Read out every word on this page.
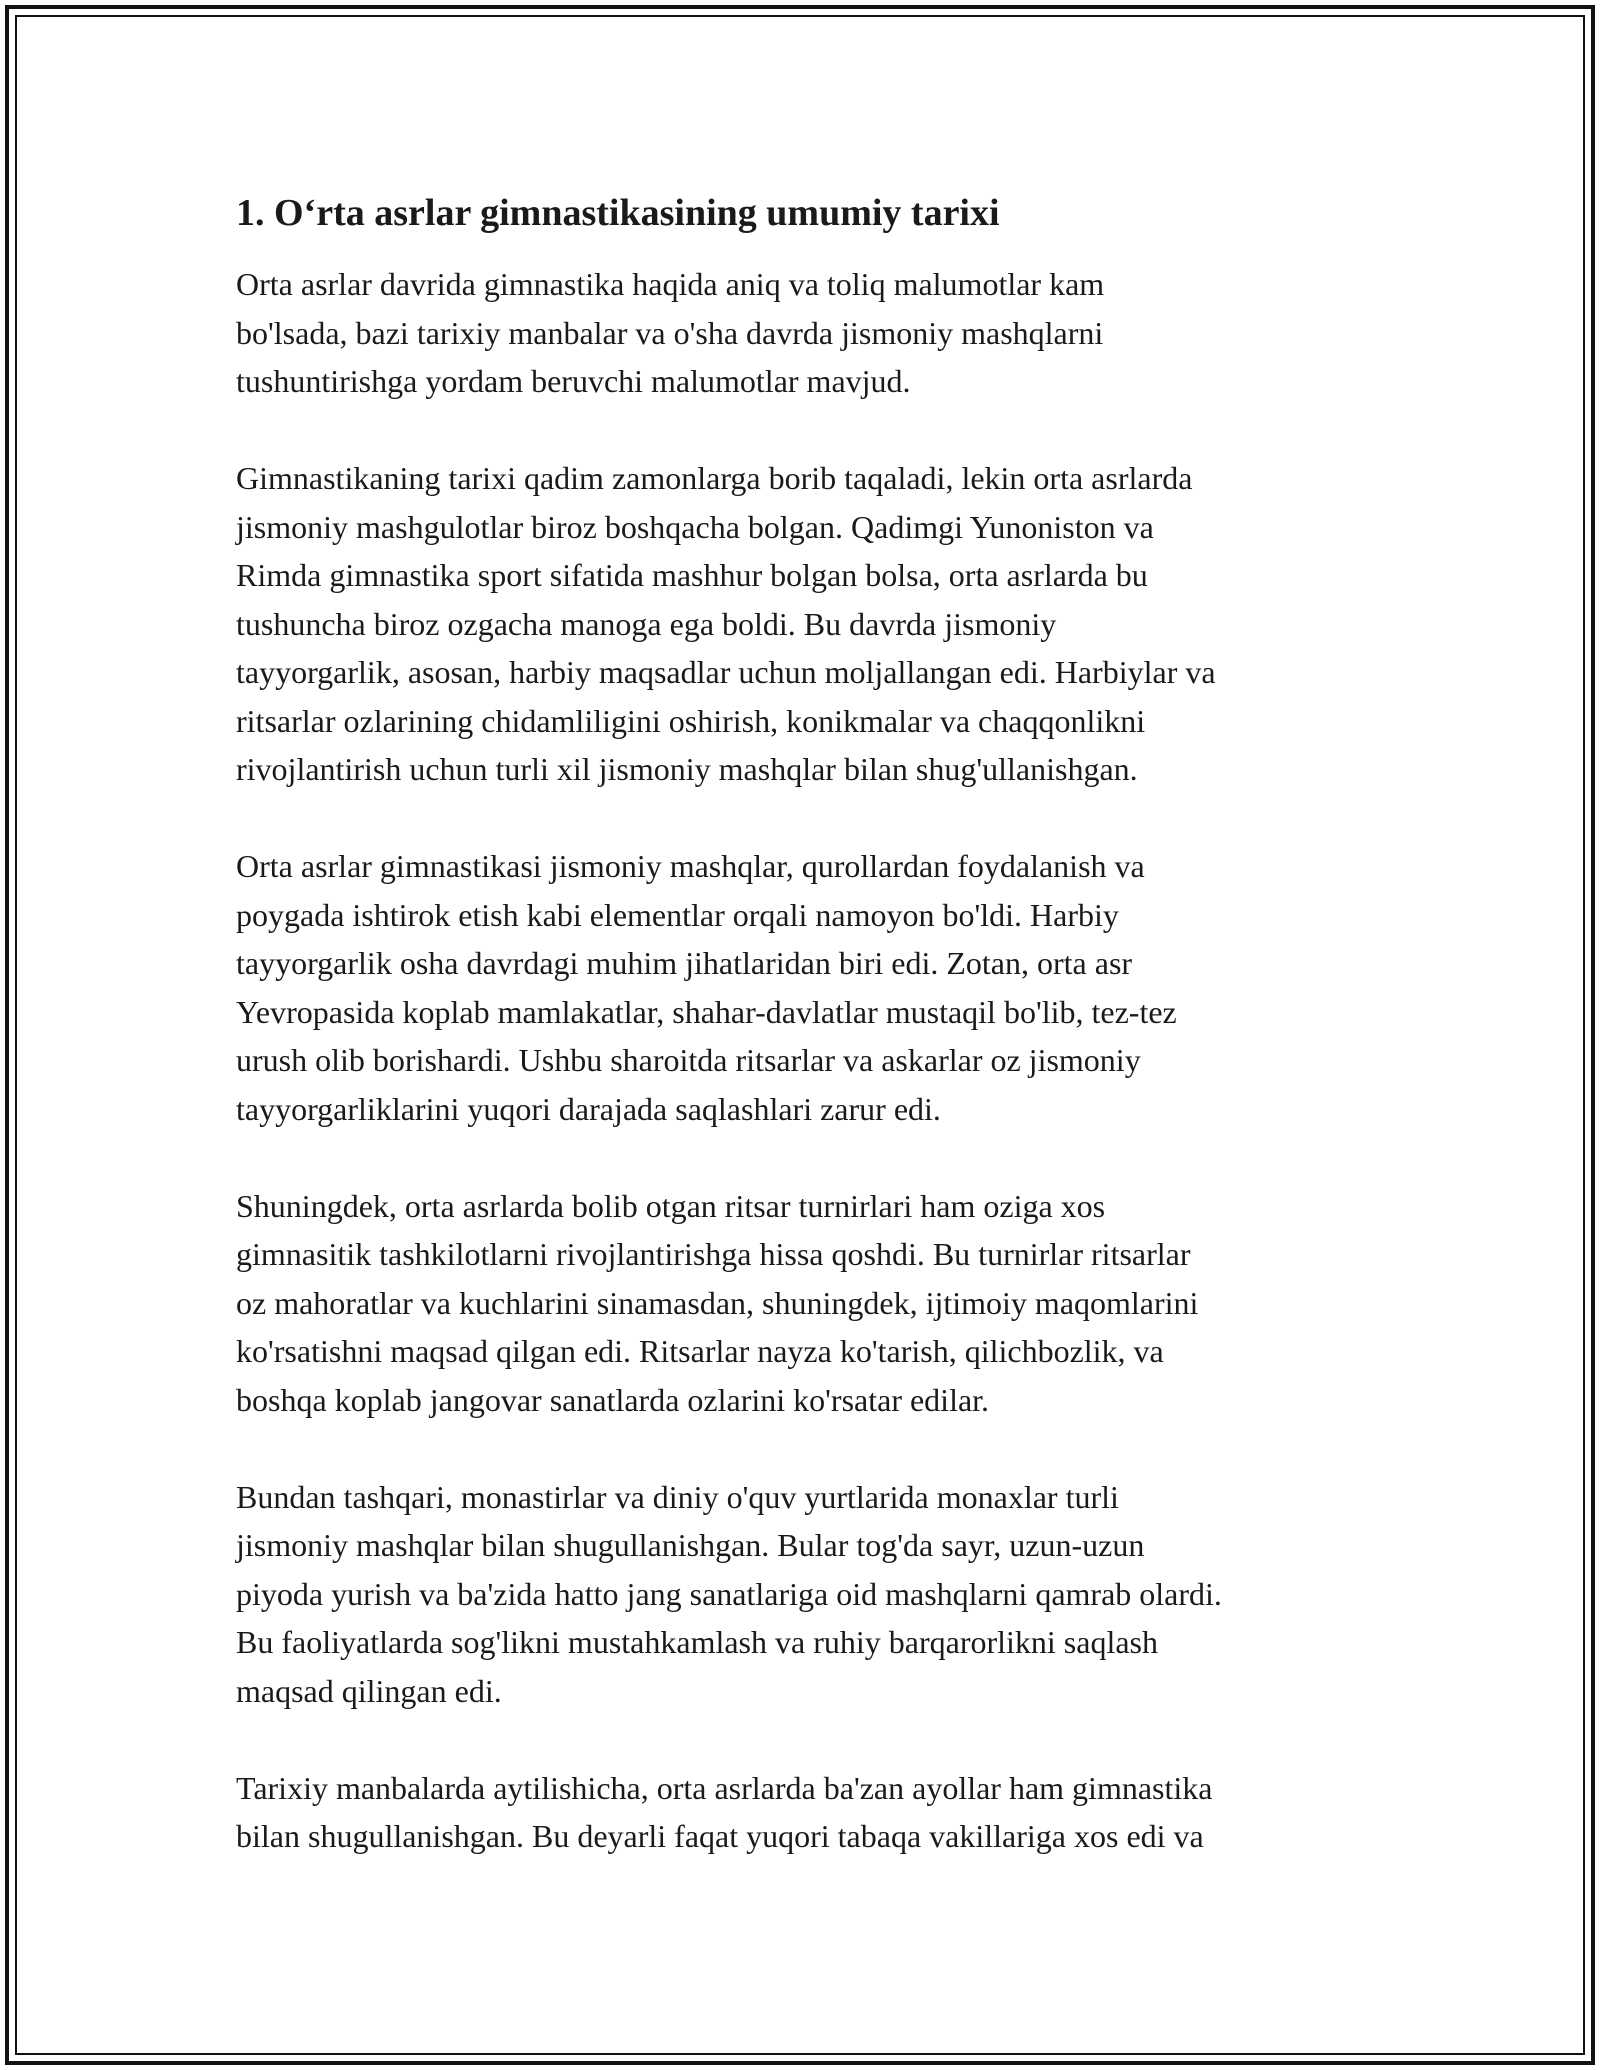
1. O‘rta asrlar gimnastikasining umumiy tarixi
Orta asrlar davrida gimnastika haqida aniq va toliq malumotlar kam
bo'lsada, bazi tarixiy manbalar va o'sha davrda jismoniy mashqlarni
tushuntirishga yordam beruvchi malumotlar mavjud.
Gimnastikaning tarixi qadim zamonlarga borib taqaladi, lekin orta asrlarda
jismoniy mashgulotlar biroz boshqacha bolgan. Qadimgi Yunoniston va
Rimda gimnastika sport sifatida mashhur bolgan bolsa, orta asrlarda bu
tushuncha biroz ozgacha manoga ega boldi. Bu davrda jismoniy
tayyorgarlik, asosan, harbiy maqsadlar uchun moljallangan edi. Harbiylar va
ritsarlar ozlarining chidamliligini oshirish, konikmalar va chaqqonlikni
rivojlantirish uchun turli xil jismoniy mashqlar bilan shug'ullanishgan.
Orta asrlar gimnastikasi jismoniy mashqlar, qurollardan foydalanish va
poygada ishtirok etish kabi elementlar orqali namoyon bo'ldi. Harbiy
tayyorgarlik osha davrdagi muhim jihatlaridan biri edi. Zotan, orta asr
Yevropasida koplab mamlakatlar, shahar-davlatlar mustaqil bo'lib, tez-tez
urush olib borishardi. Ushbu sharoitda ritsarlar va askarlar oz jismoniy
tayyorgarliklarini yuqori darajada saqlashlari zarur edi.
Shuningdek, orta asrlarda bolib otgan ritsar turnirlari ham oziga xos
gimnasitik tashkilotlarni rivojlantirishga hissa qoshdi. Bu turnirlar ritsarlar
oz mahoratlar va kuchlarini sinamasdan, shuningdek, ijtimoiy maqomlarini
ko'rsatishni maqsad qilgan edi. Ritsarlar nayza ko'tarish, qilichbozlik, va
boshqa koplab jangovar sanatlarda ozlarini ko'rsatar edilar.
Bundan tashqari, monastirlar va diniy o'quv yurtlarida monaxlar turli
jismoniy mashqlar bilan shugullanishgan. Bular tog'da sayr, uzun-uzun
piyoda yurish va ba'zida hatto jang sanatlariga oid mashqlarni qamrab olardi.
Bu faoliyatlarda sog'likni mustahkamlash va ruhiy barqarorlikni saqlash
maqsad qilingan edi.
Tarixiy manbalarda aytilishicha, orta asrlarda ba'zan ayollar ham gimnastika
bilan shugullanishgan. Bu deyarli faqat yuqori tabaqa vakillariga xos edi va
